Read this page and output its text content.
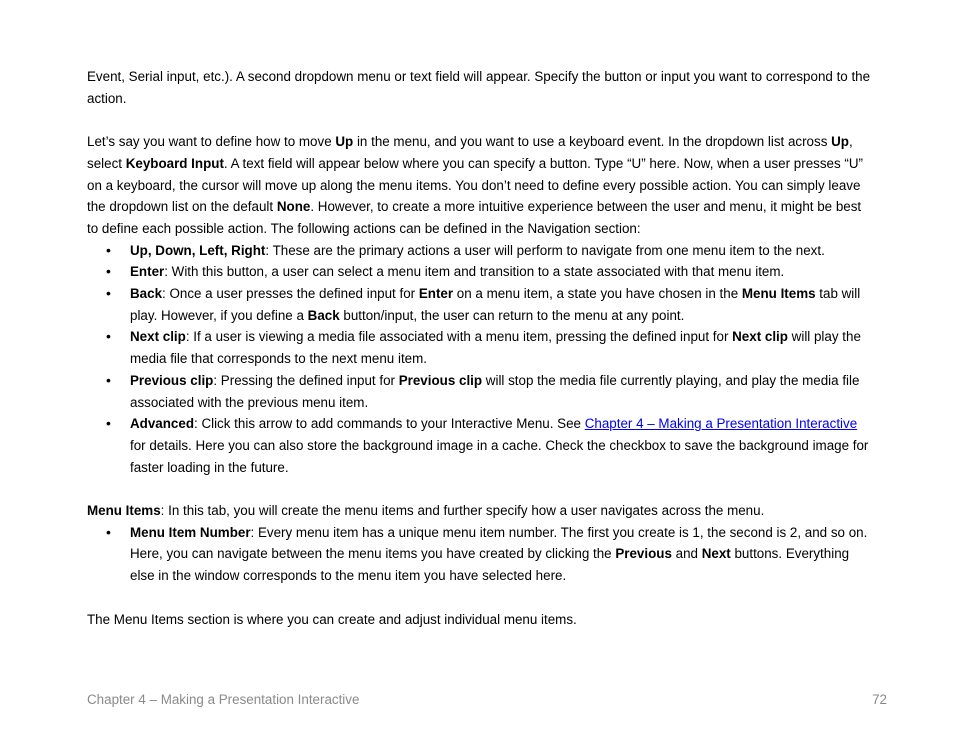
Event, Serial input, etc.). A second dropdown menu or text field will appear. Specify the button or input you want to correspond to the action.

Let’s say you want to define how to move Up in the menu, and you want to use a keyboard event. In the dropdown list across Up, select Keyboard Input. A text field will appear below where you can specify a button. Type “U” here. Now, when a user presses “U” on a keyboard, the cursor will move up along the menu items. You don’t need to define every possible action. You can simply leave the dropdown list on the default None. However, to create a more intuitive experience between the user and menu, it might be best to define each possible action. The following actions can be defined in the Navigation section:

• Up, Down, Left, Right: These are the primary actions a user will perform to navigate from one menu item to the next.
• Enter: With this button, a user can select a menu item and transition to a state associated with that menu item.
• Back: Once a user presses the defined input for Enter on a menu item, a state you have chosen in the Menu Items tab will play. However, if you define a Back button/input, the user can return to the menu at any point.
• Next clip: If a user is viewing a media file associated with a menu item, pressing the defined input for Next clip will play the media file that corresponds to the next menu item.
• Previous clip: Pressing the defined input for Previous clip will stop the media file currently playing, and play the media file associated with the previous menu item.
• Advanced: Click this arrow to add commands to your Interactive Menu. See Chapter 4 – Making a Presentation Interactive for details. Here you can also store the background image in a cache. Check the checkbox to save the background image for faster loading in the future.

Menu Items: In this tab, you will create the menu items and further specify how a user navigates across the menu.

• Menu Item Number: Every menu item has a unique menu item number. The first you create is 1, the second is 2, and so on. Here, you can navigate between the menu items you have created by clicking the Previous and Next buttons. Everything else in the window corresponds to the menu item you have selected here.

The Menu Items section is where you can create and adjust individual menu items.

Chapter 4 – Making a Presentation Interactive	72
